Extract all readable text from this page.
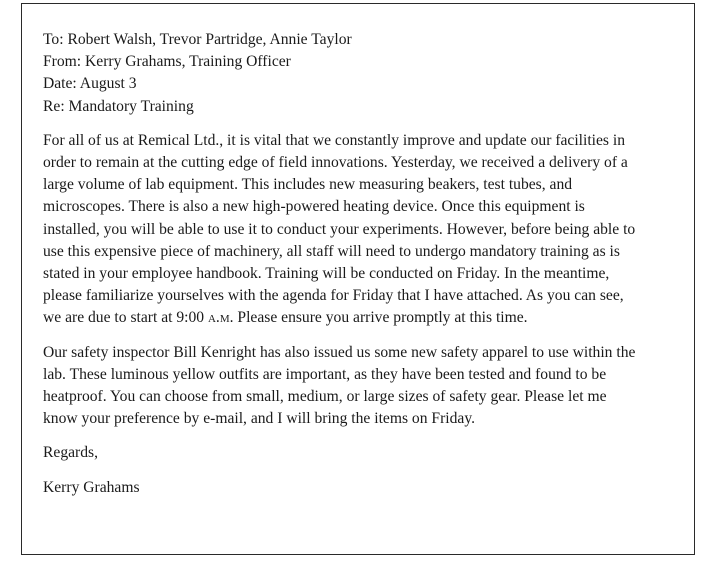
To: Robert Walsh, Trevor Partridge, Annie Taylor
From: Kerry Grahams, Training Officer
Date: August 3
Re: Mandatory Training

For all of us at Remical Ltd., it is vital that we constantly improve and update our facilities in
order to remain at the cutting edge of field innovations. Yesterday, we received a delivery of a
large volume of lab equipment. This includes new measuring beakers, test tubes, and
microscopes. There is also a new high-powered heating device. Once this equipment is
installed, you will be able to use it to conduct your experiments. However, before being able to
use this expensive piece of machinery, all staff will need to undergo mandatory training as is
stated in your employee handbook. Training will be conducted on Friday. In the meantime,
please familiarize yourselves with the agenda for Friday that I have attached. As you can see,
we are due to start at 9:00 a.m. Please ensure you arrive promptly at this time.

Our safety inspector Bill Kenright has also issued us some new safety apparel to use within the
lab. These luminous yellow outfits are important, as they have been tested and found to be
heatproof. You can choose from small, medium, or large sizes of safety gear. Please let me
know your preference by e-mail, and I will bring the items on Friday.

Regards,
Kerry Grahams
